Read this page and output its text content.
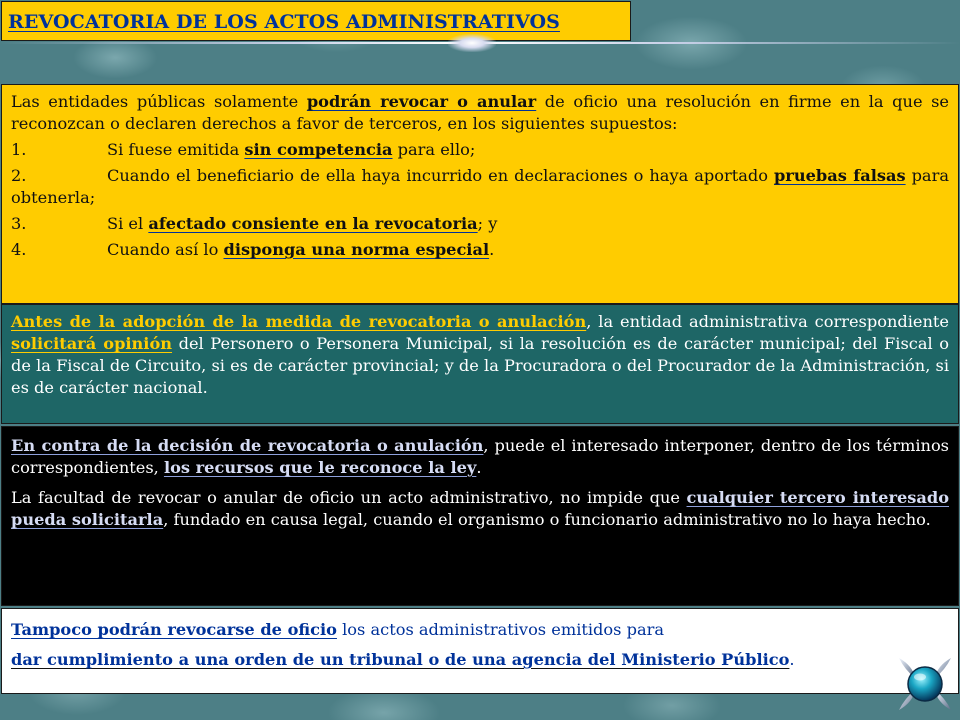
REVOCATORIA DE LOS ACTOS ADMINISTRATIVOS

Las entidades públicas solamente podrán revocar o anular de oficio una resolución en firme en la que se reconozcan o declaren derechos a favor de terceros, en los siguientes supuestos:

1.	Si fuese emitida sin competencia para ello;

2.	Cuando el beneficiario de ella haya incurrido en declaraciones o haya aportado pruebas falsas para obtenerla;

3.	Si el afectado consiente en la revocatoria; y

4.	Cuando así lo disponga una norma especial.

Antes de la adopción de la medida de revocatoria o anulación, la entidad administrativa correspondiente solicitará opinión del Personero o Personera Municipal, si la resolución es de carácter municipal; del Fiscal o de la Fiscal de Circuito, si es de carácter provincial; y de la Procuradora o del Procurador de la Administración, si es de carácter nacional.

En contra de la decisión de revocatoria o anulación, puede el interesado interponer, dentro de los términos correspondientes, los recursos que le reconoce la ley.

La facultad de revocar o anular de oficio un acto administrativo, no impide que cualquier tercero interesado pueda solicitarla, fundado en causa legal, cuando el organismo o funcionario administrativo no lo haya hecho.

Tampoco podrán revocarse de oficio los actos administrativos emitidos para

dar cumplimiento a una orden de un tribunal o de una agencia del Ministerio Público.
